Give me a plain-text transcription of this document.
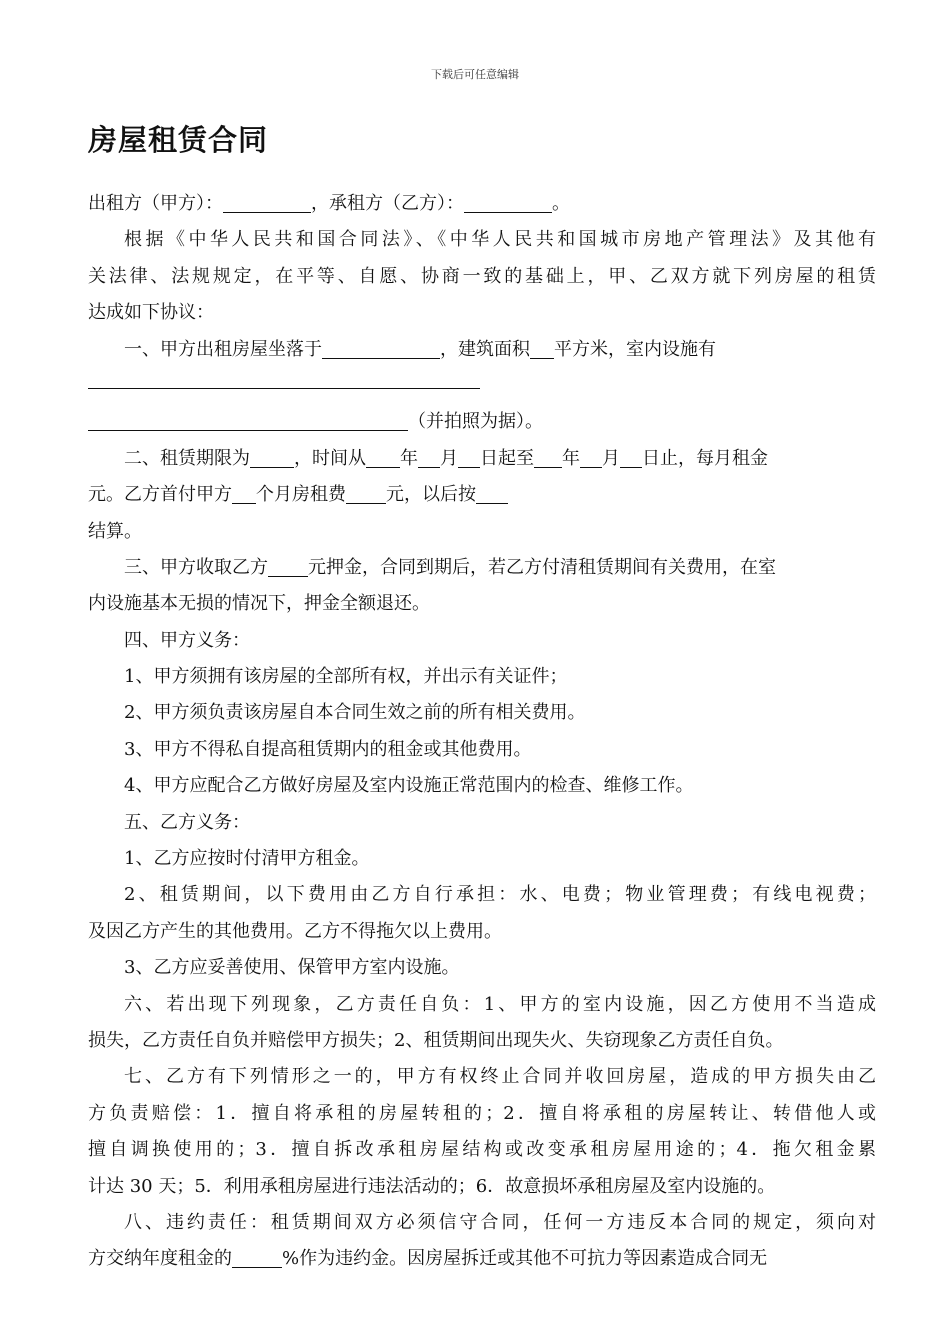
下载后可任意编辑
房屋租赁合同
出租方（甲方）：	，承租方（乙方）：	。
根据《中华人民共和国合同法》、《中华人民共和国城市房地产管理法》及其他有
关法律、法规规定，在平等、自愿、协商一致的基础上，甲、乙双方就下列房屋的租赁
达成如下协议：
一、甲方出租房屋坐落于	，建筑面积 平方米，室内设施有
（并拍照为据）。
二、租赁期限为 ，时间从 年 月 日起至 年 月 日止，每月租金
元。乙方首付甲方 个月房租费 元，以后按
结算。
三、甲方收取乙方 元押金，合同到期后，若乙方付清租赁期间有关费用，在室
内设施基本无损的情况下，押金全额退还。
四、甲方义务：
1、甲方须拥有该房屋的全部所有权，并出示有关证件；
2、甲方须负责该房屋自本合同生效之前的所有相关费用。
3、甲方不得私自提高租赁期内的租金或其他费用。
4、甲方应配合乙方做好房屋及室内设施正常范围内的检查、维修工作。
五、乙方义务：
1、乙方应按时付清甲方租金。
2、租赁期间，以下费用由乙方自行承担：水、电费；物业管理费；有线电视费；
及因乙方产生的其他费用。乙方不得拖欠以上费用。
3、乙方应妥善使用、保管甲方室内设施。
六、若出现下列现象，乙方责任自负：1、甲方的室内设施，因乙方使用不当造成
损失，乙方责任自负并赔偿甲方损失；2、租赁期间出现失火、失窃现象乙方责任自负。
七、乙方有下列情形之一的，甲方有权终止合同并收回房屋，造成的甲方损失由乙
方负责赔偿：1．擅自将承租的房屋转租的；2．擅自将承租的房屋转让、转借他人或
擅自调换使用的；3．擅自拆改承租房屋结构或改变承租房屋用途的；4．拖欠租金累
计达 30 天；5．利用承租房屋进行违法活动的；6．故意损坏承租房屋及室内设施的。
八、违约责任：租赁期间双方必须信守合同，任何一方违反本合同的规定，须向对
方交纳年度租金的	%作为违约金。因房屋拆迁或其他不可抗力等因素造成合同无
